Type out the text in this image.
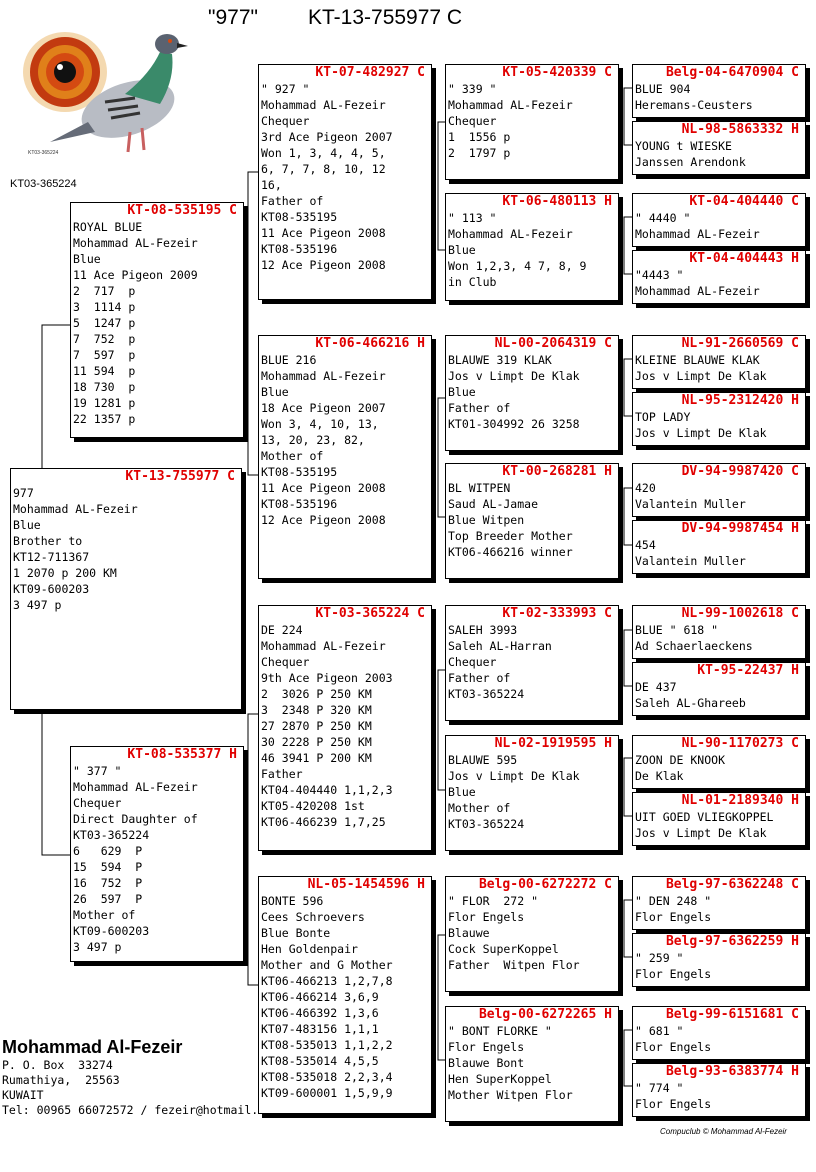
"977" KT-13-755977 C
KT03-365224
KT03-365224
KT-13-755977 C
977
Mohammad AL-Fezeir
Blue
Brother to
KT12-711367
1 2070 p 200 KM
KT09-600203
3 497 p
KT-08-535195 C
ROYAL BLUE
Mohammad AL-Fezeir
Blue
11 Ace Pigeon 2009
2  717  p
3  1114 p
5  1247 p
7  752  p
7  597  p
11 594  p
18 730  p
19 1281 p
22 1357 p
KT-08-535377 H
" 377 "
Mohammad AL-Fezeir
Chequer
Direct Daughter of
KT03-365224
6   629  P
15  594  P
16  752  P
26  597  P
Mother of
KT09-600203
3 497 p
KT-07-482927 C
" 927 "
Mohammad AL-Fezeir
Chequer
3rd Ace Pigeon 2007
Won 1, 3, 4, 4, 5,
6, 7, 7, 8, 10, 12
16,
Father of
KT08-535195
11 Ace Pigeon 2008
KT08-535196
12 Ace Pigeon 2008
KT-06-466216 H
BLUE 216
Mohammad AL-Fezeir
Blue
18 Ace Pigeon 2007
Won 3, 4, 10, 13,
13, 20, 23, 82,
Mother of
KT08-535195
11 Ace Pigeon 2008
KT08-535196
12 Ace Pigeon 2008
KT-03-365224 C
DE 224
Mohammad AL-Fezeir
Chequer
9th Ace Pigeon 2003
2  3026 P 250 KM
3  2348 P 320 KM
27 2870 P 250 KM
30 2228 P 250 KM
46 3941 P 200 KM
Father
KT04-404440 1,1,2,3
KT05-420208 1st
KT06-466239 1,7,25
NL-05-1454596 H
BONTE 596
Cees Schroevers
Blue Bonte
Hen Goldenpair
Mother and G Mother
KT06-466213 1,2,7,8
KT06-466214 3,6,9
KT06-466392 1,3,6
KT07-483156 1,1,1
KT08-535013 1,1,2,2
KT08-535014 4,5,5
KT08-535018 2,2,3,4
KT09-600001 1,5,9,9
KT-05-420339 C
" 339 "
Mohammad AL-Fezeir
Chequer
1  1556 p
2  1797 p
KT-06-480113 H
" 113 "
Mohammad AL-Fezeir
Blue
Won 1,2,3, 4 7, 8, 9
in Club
NL-00-2064319 C
BLAUWE 319 KLAK
Jos v Limpt De Klak
Blue
Father of
KT01-304992 26 3258
KT-00-268281 H
BL WITPEN
Saud AL-Jamae
Blue Witpen
Top Breeder Mother
KT06-466216 winner
KT-02-333993 C
SALEH 3993
Saleh AL-Harran
Chequer
Father of
KT03-365224
NL-02-1919595 H
BLAUWE 595
Jos v Limpt De Klak
Blue
Mother of
KT03-365224
Belg-00-6272272 C
" FLOR  272 "
Flor Engels
Blauwe
Cock SuperKoppel
Father  Witpen Flor
Belg-00-6272265 H
" BONT FLORKE "
Flor Engels
Blauwe Bont
Hen SuperKoppel
Mother Witpen Flor
Belg-04-6470904 C
BLUE 904
Heremans-Ceusters
NL-98-5863332 H
YOUNG t WIESKE
Janssen Arendonk
KT-04-404440 C
" 4440 "
Mohammad AL-Fezeir
KT-04-404443 H
"4443 "
Mohammad AL-Fezeir
NL-91-2660569 C
KLEINE BLAUWE KLAK
Jos v Limpt De Klak
NL-95-2312420 H
TOP LADY
Jos v Limpt De Klak
DV-94-9987420 C
420
Valantein Muller
DV-94-9987454 H
454
Valantein Muller
NL-99-1002618 C
BLUE " 618 "
Ad Schaerlaeckens
KT-95-22437 H
DE 437
Saleh AL-Ghareeb
NL-90-1170273 C
ZOON DE KNOOK
De Klak
NL-01-2189340 H
UIT GOED VLIEGKOPPEL
Jos v Limpt De Klak
Belg-97-6362248 C
" DEN 248 "
Flor Engels
Belg-97-6362259 H
" 259 "
Flor Engels
Belg-99-6151681 C
" 681 "
Flor Engels
Belg-93-6383774 H
" 774 "
Flor Engels
Mohammad Al-Fezeir
P. O. Box  33274
Rumathiya,  25563
KUWAIT
Tel: 00965 66072572 / fezeir@hotmail.
Compuclub © Mohammad Al-Fezeir
